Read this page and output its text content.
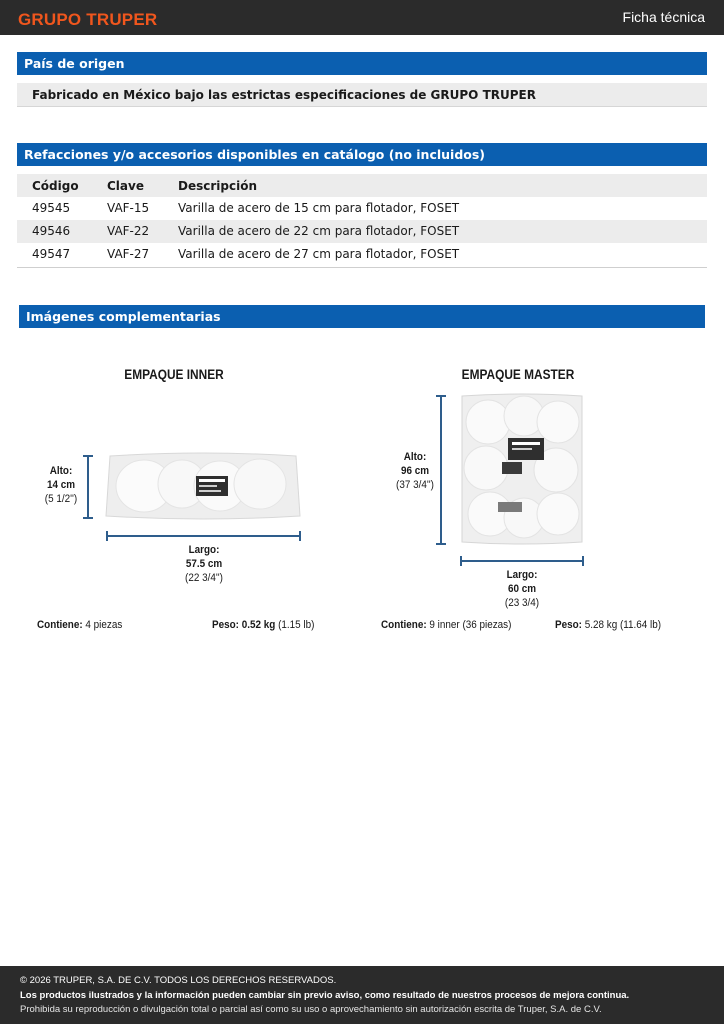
GRUPO TRUPER	Ficha técnica
País de origen
Fabricado en México bajo las estrictas especificaciones de GRUPO TRUPER
Refacciones y/o accesorios disponibles en catálogo (no incluidos)
Código Clave	Descripción
49545	VAF-15 Varilla de acero de 15 cm para flotador, FOSET
49546	VAF-22 Varilla de acero de 22 cm para flotador, FOSET
49547	VAF-27 Varilla de acero de 27 cm para flotador, FOSET
Imágenes complementarias
EMPAQUE INNER
Alto:
14 cm
(5 1/2'')
Largo:
57.5 cm
(22 3/4'')
Contiene: 4 piezas	Peso: 0.52 kg (1.15 lb)
EMPAQUE MASTER
Alto:
96 cm
(37 3/4'')
Largo:
60 cm
(23 3/4)
Contiene: 9 inner (36 piezas)	Peso: 5.28 kg (11.64 lb)
© 2026 TRUPER, S.A. DE C.V. TODOS LOS DERECHOS RESERVADOS.
Los productos ilustrados y la información pueden cambiar sin previo aviso, como resultado de nuestros procesos de mejora continua.
Prohibida su reproducción o divulgación total o parcial así como su uso o aprovechamiento sin autorización escrita de Truper, S.A. de C.V.
